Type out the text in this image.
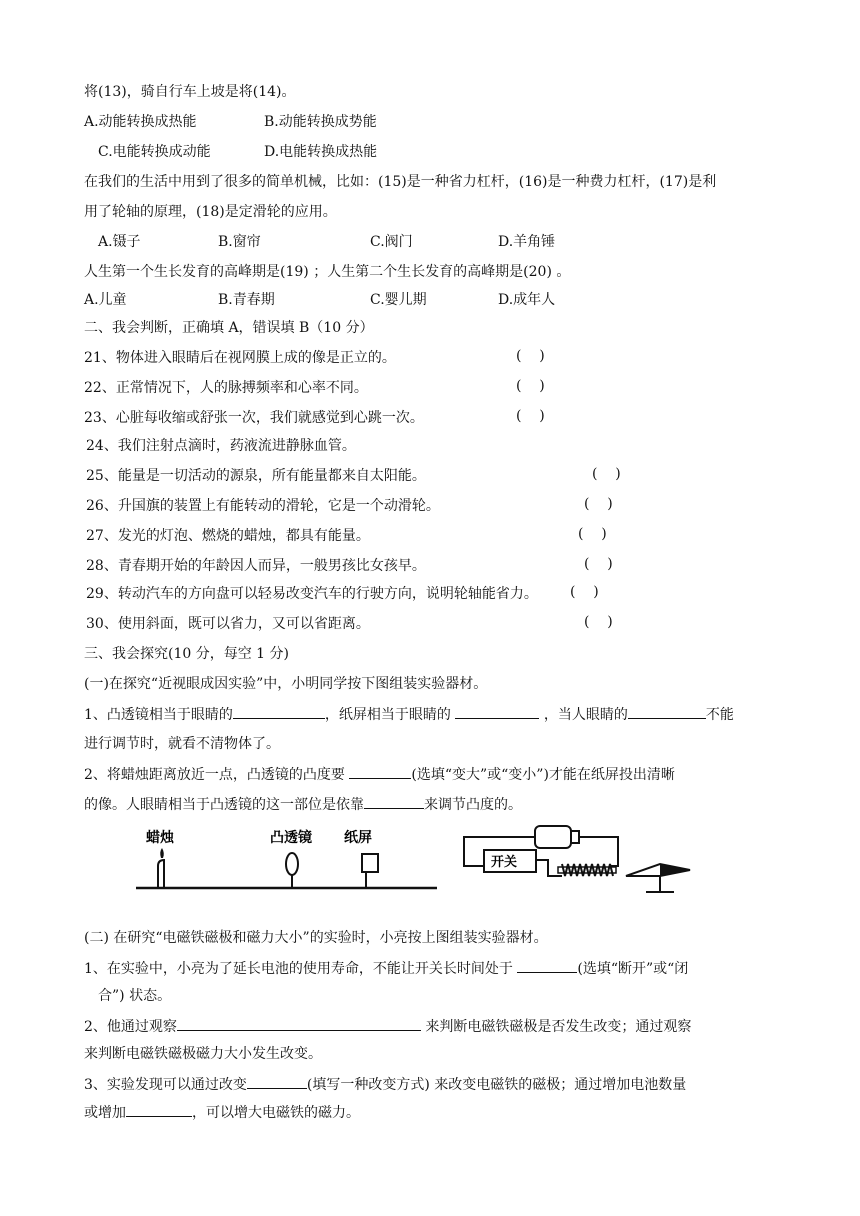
将(13)，骑自行车上坡是将(14)。
A.动能转换成热能	B.动能转换成势能
C.电能转换成动能	D.电能转换成热能
在我们的生活中用到了很多的简单机械，比如：(15)是一种省力杠杆，(16)是一种费力杠杆，(17)是利
用了轮轴的原理，(18)是定滑轮的应用。
A.镊子	B.窗帘	C.阀门	D.羊角锤
人生第一个生长发育的高峰期是(19) ；人生第二个生长发育的高峰期是(20) 。
A.儿童	B.青春期	C.婴儿期	D.成年人
二、我会判断，正确填 A，错误填 B（10 分）
21、物体进入眼睛后在视网膜上成的像是正立的。	(    )
22、正常情况下，人的脉搏频率和心率不同。	(    )
23、心脏每收缩或舒张一次，我们就感觉到心跳一次。	(    )
24、我们注射点滴时，药液流进静脉血管。
25、能量是一切活动的源泉，所有能量都来自太阳能。	(    )
26、升国旗的装置上有能转动的滑轮，它是一个动滑轮。	(    )
27、发光的灯泡、燃烧的蜡烛，都具有能量。	(    )
28、青春期开始的年龄因人而异，一般男孩比女孩早。	(    )
29、转动汽车的方向盘可以轻易改变汽车的行驶方向，说明轮轴能省力。 (    )
30、使用斜面，既可以省力，又可以省距离。	(    )
三、我会探究(10 分，每空 1 分)
(一)在探究“近视眼成因实验”中，小明同学按下图组装实验器材。
1、凸透镜相当于眼睛的	，纸屏相当于眼睛的	，当人眼睛的	不能
进行调节时，就看不清物体了。
2、将蜡烛距离放近一点，凸透镜的凸度要	(选填“变大”或“变小”)才能在纸屏投出清晰
的像。人眼睛相当于凸透镜的这一部位是依靠	来调节凸度的。
蜡烛	凸透镜 纸屏
开关
(二) 在研究“电磁铁磁极和磁力大小”的实验时，小亮按上图组装实验器材。
1、在实验中，小亮为了延长电池的使用寿命，不能让开关长时间处于	(选填“断开”或“闭
合”) 状态。
2、他通过观察	来判断电磁铁磁极是否发生改变；通过观察
来判断电磁铁磁极磁力大小发生改变。
3、实验发现可以通过改变	(填写一种改变方式) 来改变电磁铁的磁极；通过增加电池数量
或增加	，可以增大电磁铁的磁力。
